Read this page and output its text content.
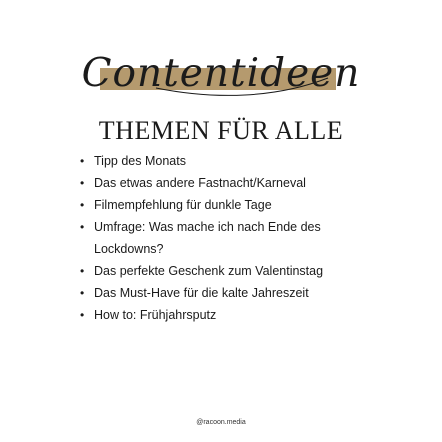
Contentideen
THEMEN FÜR ALLE
• Tipp des Monats
• Das etwas andere Fastnacht/Karneval
• Filmempfehlung für dunkle Tage
• Umfrage: Was mache ich nach Ende des
Lockdowns?
• Das perfekte Geschenk zum Valentinstag
• Das Must-Have für die kalte Jahreszeit
• How to: Frühjahrsputz
@racoon.media
